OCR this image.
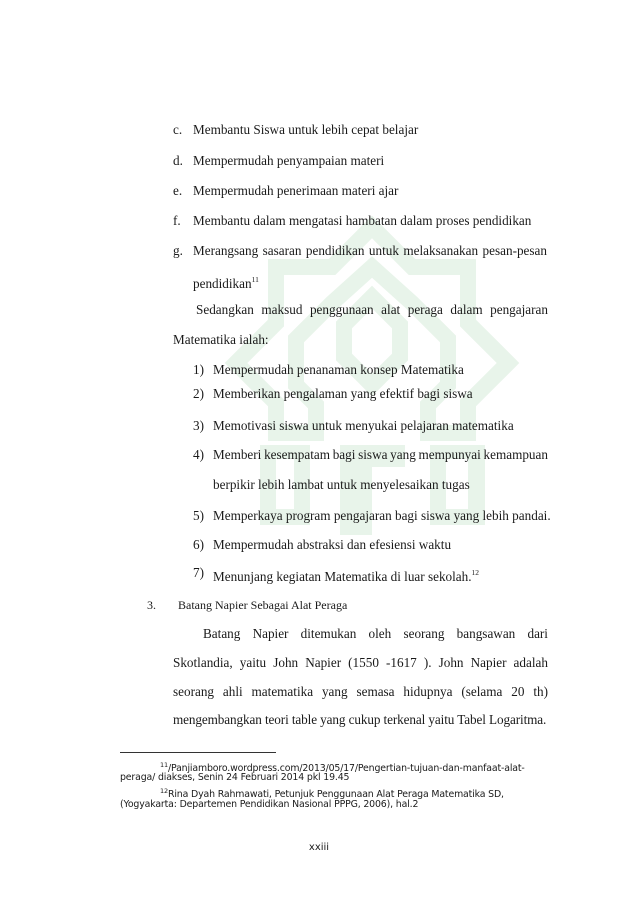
c. Membantu Siswa untuk lebih cepat belajar
d. Mempermudah penyampaian materi
e. Mempermudah penerimaan materi ajar
f. Membantu dalam mengatasi hambatan dalam proses pendidikan
g. Merangsang sasaran pendidikan untuk melaksanakan pesan-pesan
pendidikan$^{11}$
Sedangkan maksud penggunaan alat peraga dalam pengajaran
Matematika ialah:
1) Mempermudah penanaman konsep Matematika
2) Memberikan pengalaman yang efektif bagi siswa
3) Memotivasi siswa untuk menyukai pelajaran matematika
4) Memberi kesempatam bagi siswa yang mempunyai kemampuan
berpikir lebih lambat untuk menyelesaikan tugas
5) Memperkaya program pengajaran bagi siswa yang lebih pandai.
6) Mempermudah abstraksi dan efesiensi waktu
7) Menunjang kegiatan Matematika di luar sekolah.$^{12}$
3. Batang Napier Sebagai Alat Peraga
Batang Napier ditemukan oleh seorang bangsawan dari
Skotlandia, yaitu John Napier (1550 -1617 ). John Napier adalah
seorang ahli matematika yang semasa hidupnya (selama 20 th)
mengembangkan teori table yang cukup terkenal yaitu Tabel Logaritma.
$^{11}$/Panjiamboro.wordpress.com/2013/05/17/Pengertian-tujuan-dan-manfaat-alat-
peraga/ diakses, Senin 24 Februari 2014 pkl 19.45
$^{12}$Rina Dyah Rahmawati, Petunjuk Penggunaan Alat Peraga Matematika SD,
(Yogyakarta: Departemen Pendidikan Nasional PPPG, 2006), hal.2
xxiii
